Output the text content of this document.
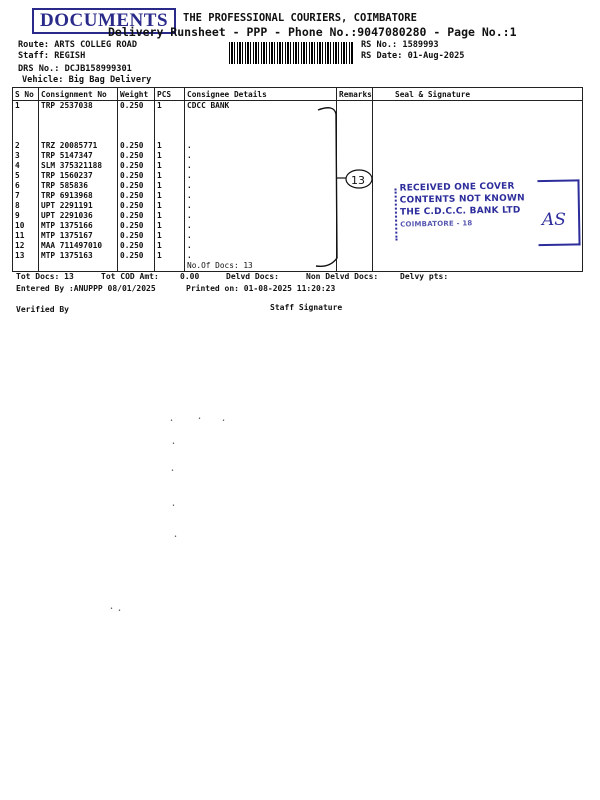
DOCUMENTS	THE PROFESSIONAL COURIERS, COIMBATORE
Delivery Runsheet - PPP - Phone No.:9047080280 - Page No.:1
Route: ARTS COLLEG ROAD
Staff: REGISH
DRS No.: DCJB158999301
Vehicle: Big Bag Delivery
RS No.: 1589993
RS Date: 01-Aug-2025
S No	Consignment No	Weight	PCS	Consignee Details	Remarks	Seal & Signature
1	TRP 2537038	0.250	1	CDCC BANK		
2	TRZ 20085771	0.250	1	.		
3	TRP 5147347	0.250	1	.		
4	SLM 375321188	0.250	1	.		
5	TRP 1560237	0.250	1	.		
6	TRP 585836	0.250	1	.		
7	TRP 6913968	0.250	1	.		
8	UPT 2291191	0.250	1	.		
9	UPT 2291036	0.250	1	.		
10	MTP 1375166	0.250	1	.		
11	MTP 1375167	0.250	1	.		
12	MAA 711497010	0.250	1	.		
13	MTP 1375163	0.250	1	.		
				No.Of Docs: 13		
13
RECEIVED ONE COVER
CONTENTS NOT KNOWN
THE C.D.C.C. BANK LTD
COIMBATORE - 18	AS
Tot Docs: 13	Tot COD Amt:	0.00	Delvd Docs:	Non Delvd Docs:	Delvy pts:
Entered By :ANUPPP 08/01/2025	Printed on: 01-08-2025 11:20:23
Verified By	Staff Signature
•	•	•
•
•
•
•
• •
